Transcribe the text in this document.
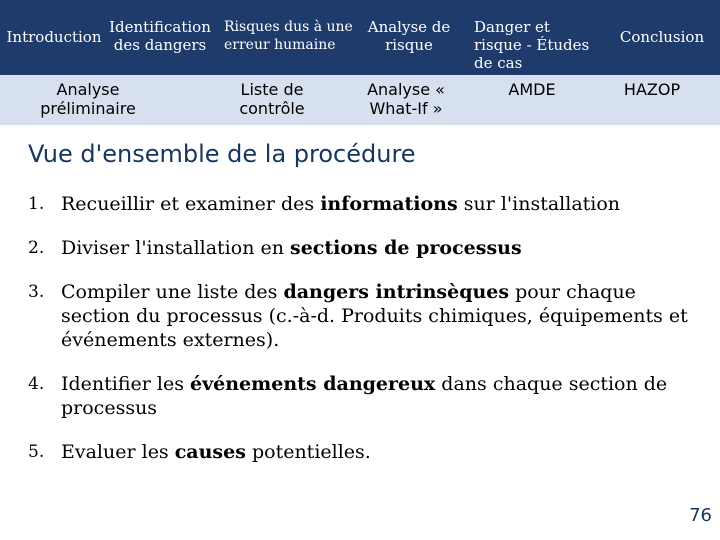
Introduction
Identification des dangers
Risques dus à une erreur humaine
Analyse de risque
Danger et risque - Études de cas
Conclusion
Analyse préliminaire
Liste de contrôle
Analyse « What-If »
AMDE	HAZOP
Vue d'ensemble de la procédure
1. Recueillir et examiner des informations sur l'installation
2. Diviser l'installation en sections de processus
3. Compiler une liste des dangers intrinsèques pour chaque section du processus (c.-à-d. Produits chimiques, équipements et événements externes).
4. Identifier les événements dangereux dans chaque section de processus
5. Evaluer les causes potentielles.
76
